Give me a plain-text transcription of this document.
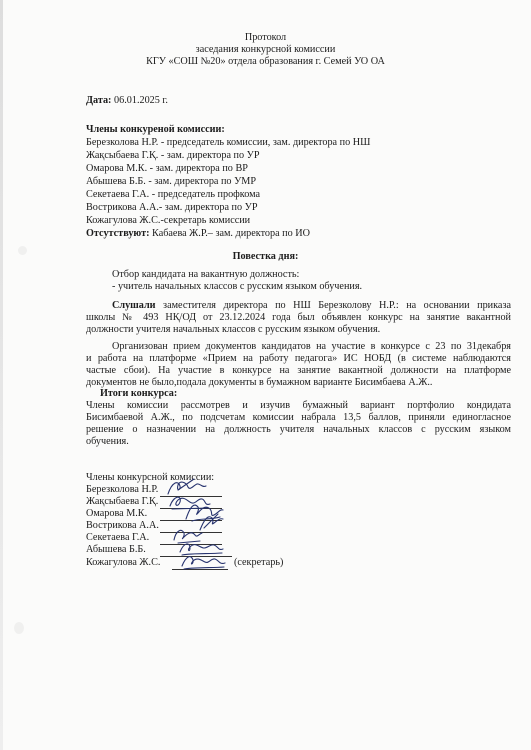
Протокол
заседания конкурсной комиссии
КГУ «СОШ №20» отдела образования г. Семей УО ОА
Дата: 06.01.2025 г.
Члены конкуреной комиссии:
Березколова Н.Р. - председатель комиссии, зам. директора по НШ
Жақсыбаева Г.Қ. - зам. директора по УР
Омарова М.К. - зам. директора по ВР
Абышева Б.Б. - зам. директора по УМР
Секетаева Г.А. - председатель профкома
Вострикова А.А.- зам. директора по УР
Кожагулова Ж.С.-секретарь комиссии
Отсутствуют: Кабаева Ж.Р.– зам. директора по ИО
Повестка дня:
Отбор кандидата на вакантную должность:
- учитель начальных классов с русским языком обучения.
Слушали заместителя директора по НШ Березколову Н.Р.: на основании приказа
школы № 493 НҚ/ОД от 23.12.2024 года был объявлен конкурс на занятие вакантной
должности учителя начальных классов с русским языком обучения.
Организован прием документов кандидатов на участие в конкурсе с 23 по 31декабря
и работа на платформе «Прием на работу педагога» ИС НОБД (в системе наблюдаются
частые сбои). На участие в конкурсе на занятие вакантной должности на платформе
документов не было,подала документы в бумажном варианте Бисимбаева А.Ж..
Итоги конкурса:
Члены комиссии рассмотрев и изучив бумажный вариант портфолио кондидата
Бисимбаевой А.Ж., по подсчетам комиссии набрала 13,5 баллов, приняли единогласное
решение о назначении на должность учителя начальных классов с русским языком
обучения.
Члены конкурсной комиссии:
Березколова Н.Р.
Жақсыбаева Г.Қ.
Омарова М.К.
Вострикова А.А.
Секетаева Г.А.
Абышева Б.Б.
Кожагулова Ж.С.	(секретарь)
